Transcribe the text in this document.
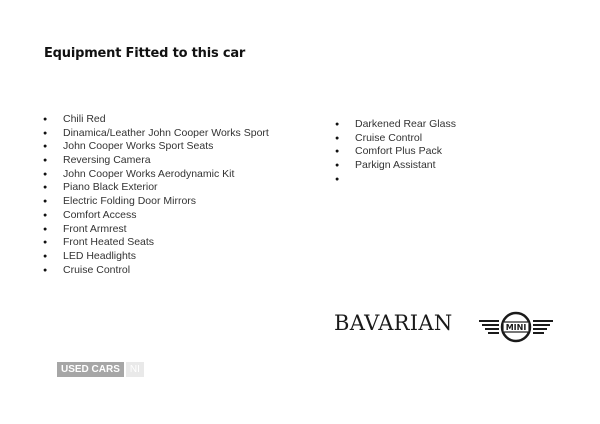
Equipment Fitted to this car
● Chili Red
● Dinamica/Leather John Cooper Works Sport
● John Cooper Works Sport Seats
● Reversing Camera
● John Cooper Works Aerodynamic Kit
● Piano Black Exterior
● Electric Folding Door Mirrors
● Comfort Access
● Front Armrest
● Front Heated Seats
● LED Headlights
● Cruise Control
● Darkened Rear Glass
● Cruise Control
● Comfort Plus Pack
● Parkign Assistant
●
BAVARIAN	MINI
USED CARS	NI
